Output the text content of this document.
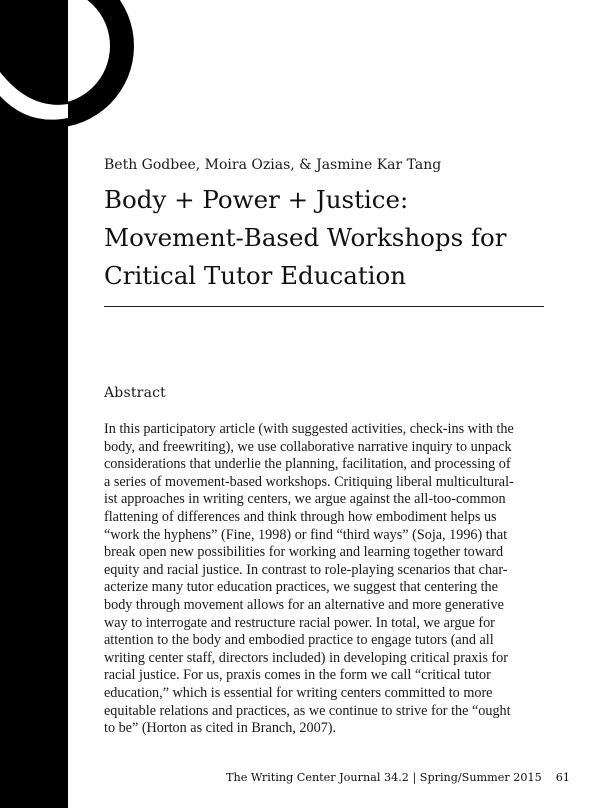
Beth Godbee, Moira Ozias, & Jasmine Kar Tang

Body + Power + Justice:
Movement-Based Workshops for
Critical Tutor Education
Abstract
In this participatory article (with suggested activities, check-ins with the
body, and freewriting), we use collaborative narrative inquiry to unpack
considerations that underlie the planning, facilitation, and processing of
a series of movement-based workshops. Critiquing liberal multicultural-
ist approaches in writing centers, we argue against the all-too-common
flattening of differences and think through how embodiment helps us
“work the hyphens” (Fine, 1998) or find “third ways” (Soja, 1996) that
break open new possibilities for working and learning together toward
equity and racial justice. In contrast to role-playing scenarios that char-
acterize many tutor education practices, we suggest that centering the
body through movement allows for an alternative and more generative
way to interrogate and restructure racial power. In total, we argue for
attention to the body and embodied practice to engage tutors (and all
writing center staff, directors included) in developing critical praxis for
racial justice. For us, praxis comes in the form we call “critical tutor
education,” which is essential for writing centers committed to more
equitable relations and practices, as we continue to strive for the “ought
to be” (Horton as cited in Branch, 2007).
The Writing Center Journal 34.2 | Spring/Summer 2015 61
